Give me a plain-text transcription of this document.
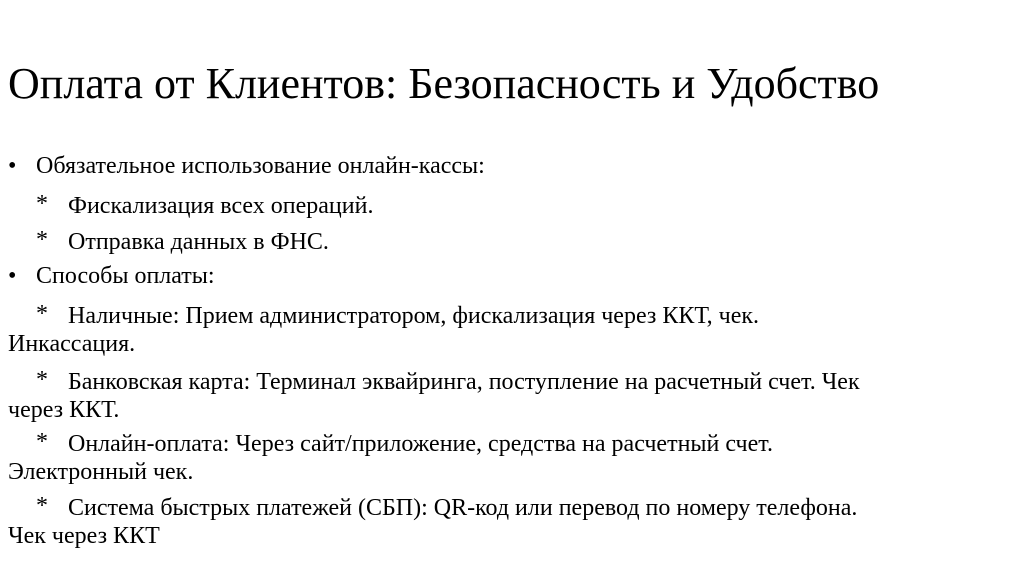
Оплата от Клиентов: Безопасность и Удобство
• Обязательное использование онлайн-кассы:

* Фискализация всех операций.

* Отправка данных в ФНС.

• Способы оплаты:

* Наличные: Прием администратором, фискализация через ККТ, чек.

Инкассация.

* Банковская карта: Терминал эквайринга, поступление на расчетный счет. Чек

через ККТ.

* Онлайн-оплата: Через сайт/приложение, средства на расчетный счет.

Электронный чек.

* Система быстрых платежей (СБП): QR-код или перевод по номеру телефона.

Чек через ККТ
